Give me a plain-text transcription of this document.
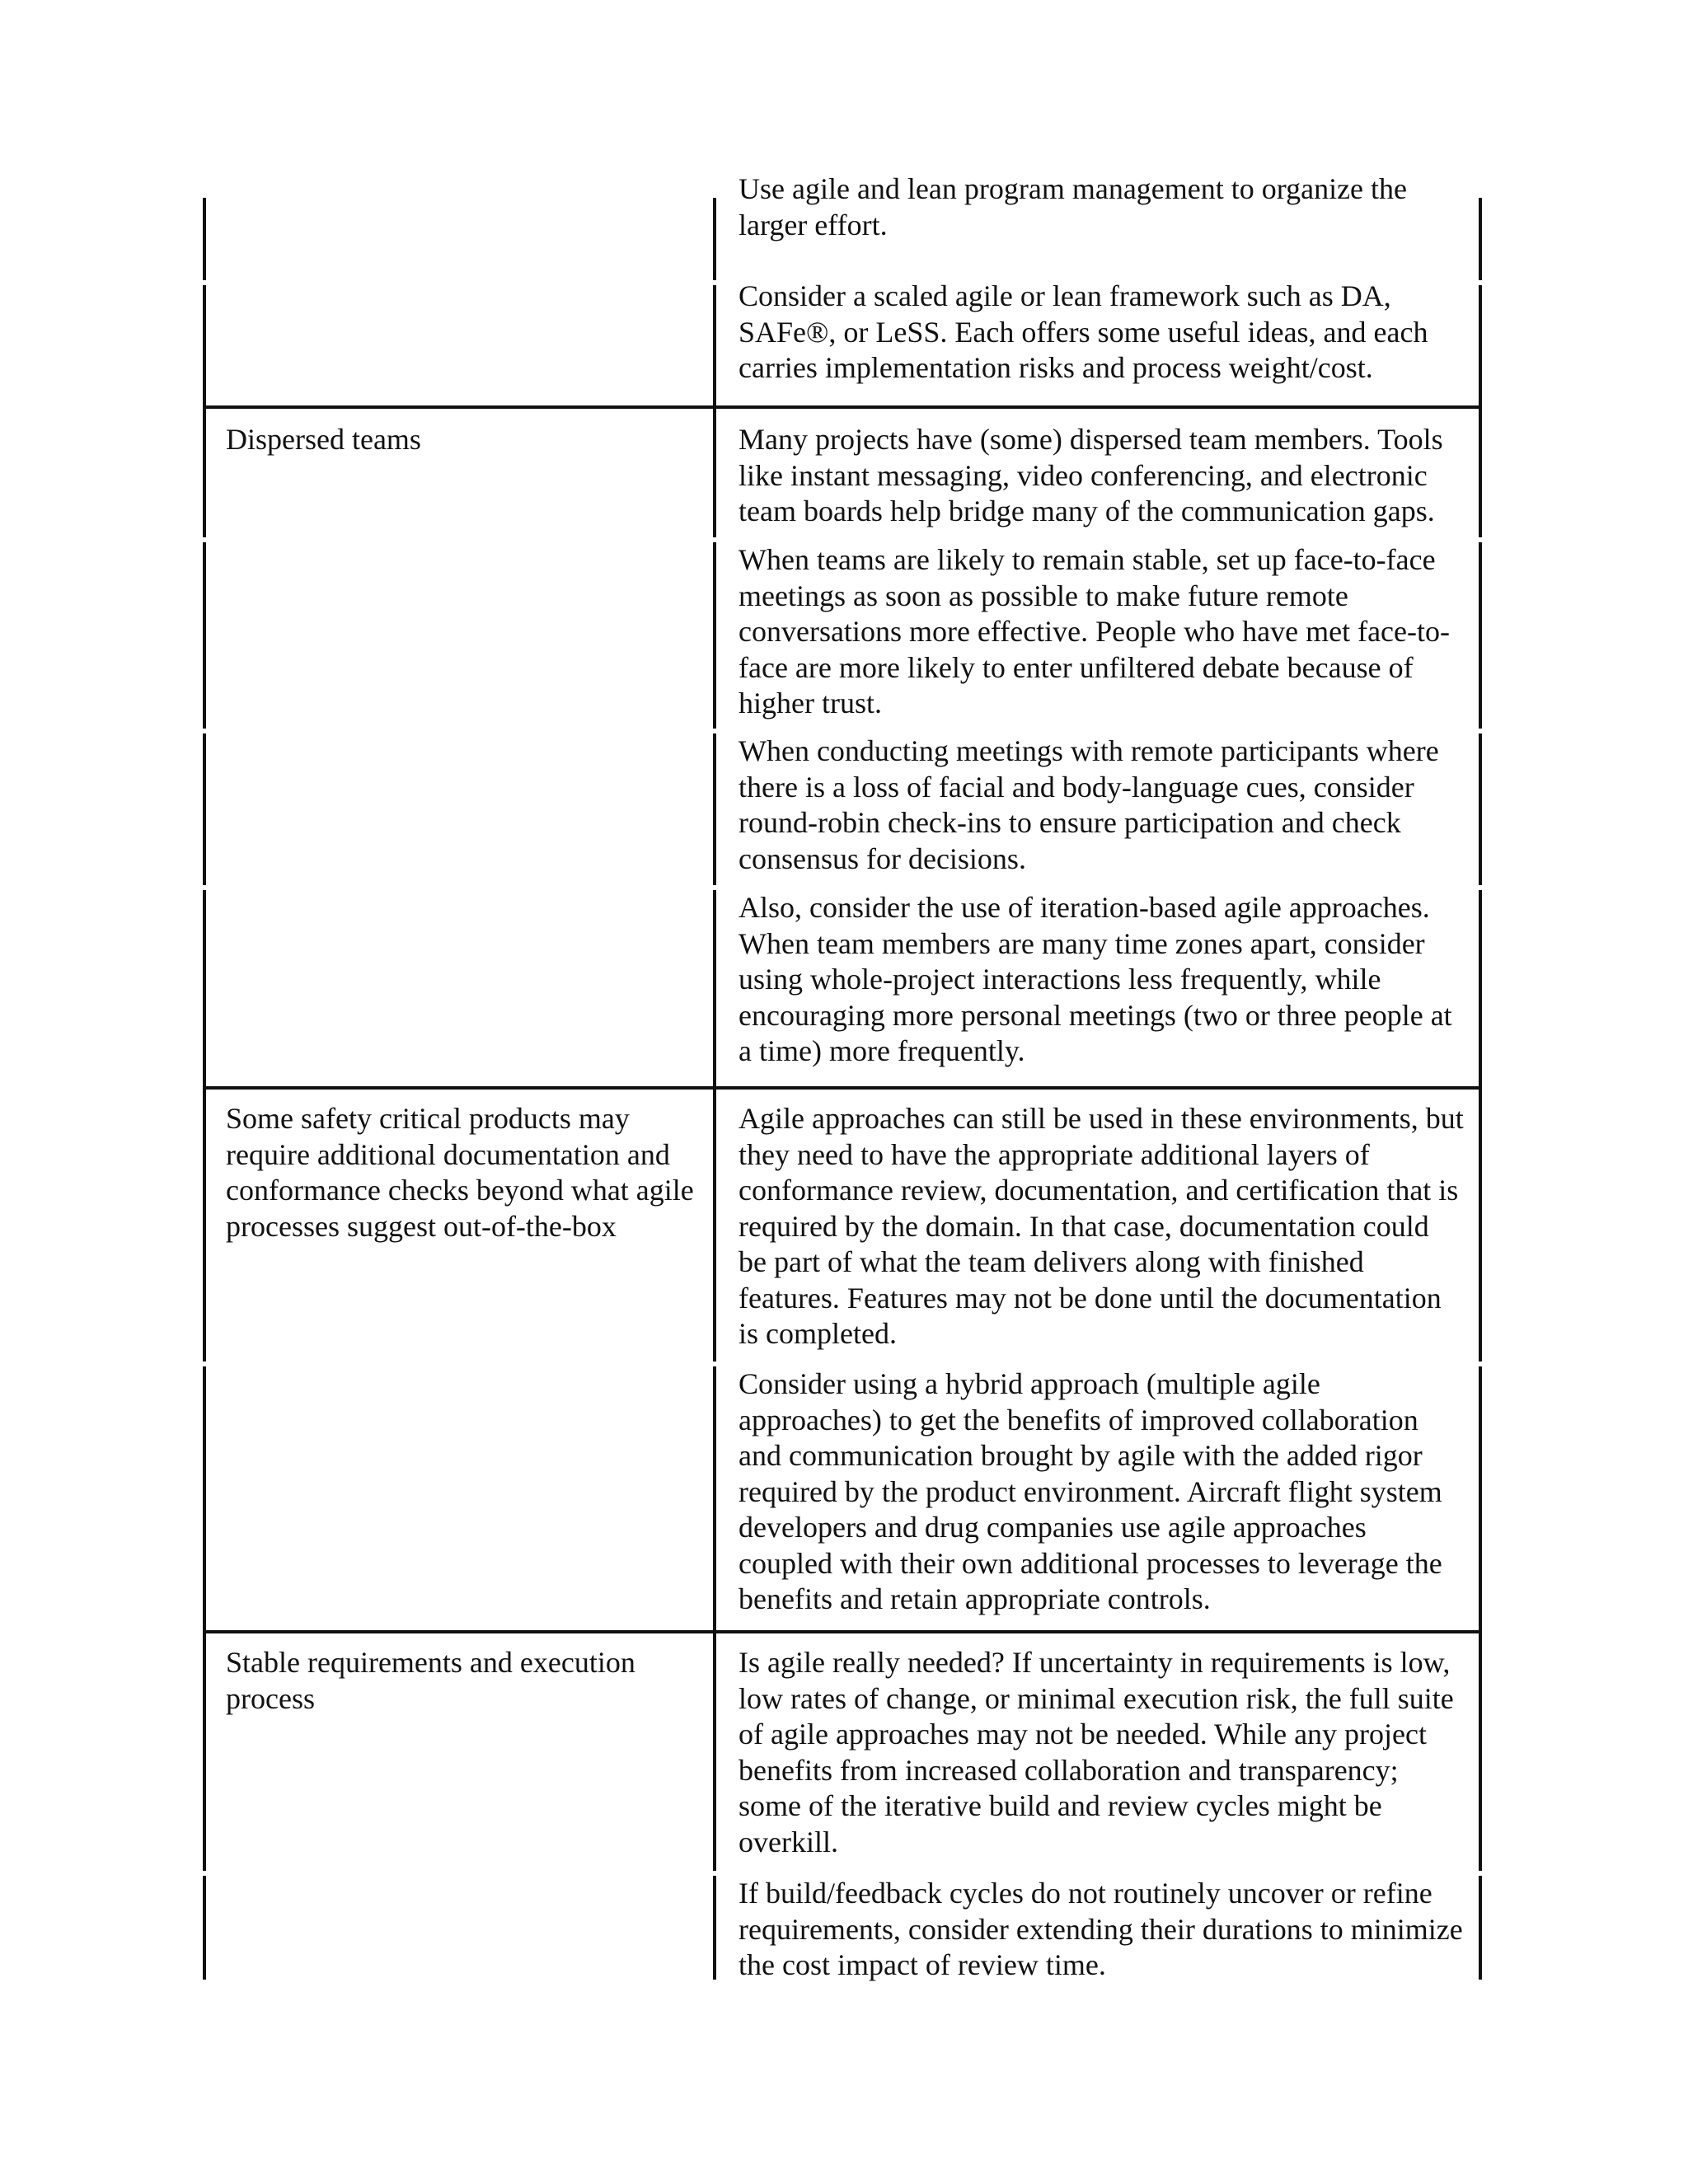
Use agile and lean program management to organize the larger effort.
Consider a scaled agile or lean framework such as DA, SAFe®, or LeSS. Each offers some useful ideas, and each carries implementation risks and process weight/cost.
Dispersed teams	Many projects have (some) dispersed team members. Tools like instant messaging, video conferencing, and electronic team boards help bridge many of the communication gaps.
When teams are likely to remain stable, set up face-to-face meetings as soon as possible to make future remote conversations more effective. People who have met face-to-face are more likely to enter unfiltered debate because of higher trust.
When conducting meetings with remote participants where there is a loss of facial and body-language cues, consider round-robin check-ins to ensure participation and check consensus for decisions.
Also, consider the use of iteration-based agile approaches. When team members are many time zones apart, consider using whole-project interactions less frequently, while encouraging more personal meetings (two or three people at a time) more frequently.
Some safety critical products may require additional documentation and conformance checks beyond what agile processes suggest out-of-the-box
Agile approaches can still be used in these environments, but they need to have the appropriate additional layers of conformance review, documentation, and certification that is required by the domain. In that case, documentation could be part of what the team delivers along with finished features. Features may not be done until the documentation is completed.
Consider using a hybrid approach (multiple agile approaches) to get the benefits of improved collaboration and communication brought by agile with the added rigor required by the product environment. Aircraft flight system developers and drug companies use agile approaches coupled with their own additional processes to leverage the benefits and retain appropriate controls.
Stable requirements and execution process
Is agile really needed? If uncertainty in requirements is low, low rates of change, or minimal execution risk, the full suite of agile approaches may not be needed. While any project benefits from increased collaboration and transparency; some of the iterative build and review cycles might be overkill.
If build/feedback cycles do not routinely uncover or refine requirements, consider extending their durations to minimize the cost impact of review time.
